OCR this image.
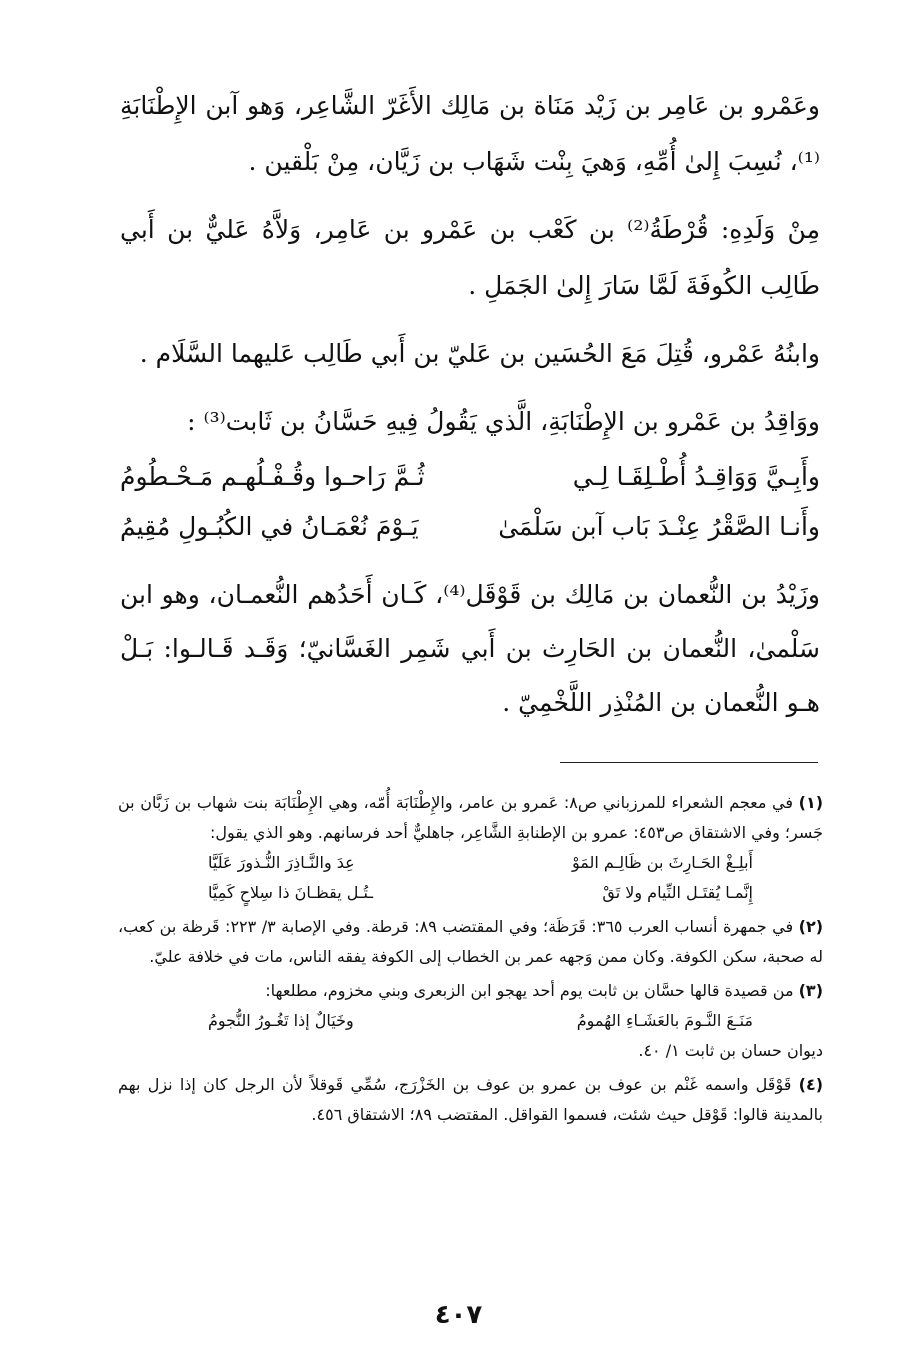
وعَمْرو بن عَامِر بن زَيْد مَنَاة بن مَالِك الأَغَرّ الشَّاعِر، وَهو آبن الإِطْنَابَةِ ⁽¹⁾، نُسِبَ إِلىٰ أُمِّهِ، وَهيَ بِنْت شَهَاب بن زَيَّان، مِنْ بَلْقين .

مِنْ وَلَدِهِ: قُرْطَةُ⁽²⁾ بن كَعْب بن عَمْرو بن عَامِر، وَلاَّهُ عَليٌّ بن أَبي طَالِب الكُوفَةَ لَمَّا سَارَ إِلىٰ الجَمَلِ .

وابنُهُ عَمْرو، قُتِلَ مَعَ الحُسَين بن عَليّ بن أَبي طَالِب عَليهما السَّلَام .

ووَاقِدُ بن عَمْرو بن الإِطْنَابَةِ، الَّذي يَقُولُ فِيهِ حَسَّانُ بن ثَابت⁽³⁾ :

وأَبِـيَّ وَوَاقِـدُ أُطْـلِقَـا لِـي
ثُـمَّ رَاحـوا وقُـفْـلُهـم مَـحْـطُومُ
وأَنـا الصَّقْرُ عِنْـدَ بَاب آبن سَلْمَىٰ
يَـوْمَ نُعْمَـانُ في الكُبُـولِ مُقِيمُ

وزَيْدُ بن النُّعمان بن مَالِك بن قَوْقَل⁽⁴⁾، كَـان أَحَدُهم النُّعمـان، وهو ابن سَلْمىٰ، النُّعمان بن الحَارِث بن أَبي شَمِر الغَسَّانيّ؛ وَقَـد قَـالـوا: بَـلْ هـو النُّعمان بن المُنْذِر اللَّخْمِيّ .

(١) في معجم الشعراء للمرزباني ص٨: عَمرو بن عامر، والإِطْنَابَة أُمّه، وهي الإِطْنَابَة بنت شهاب بن زَبَّان بن جَسر؛ وفي الاشتقاق ص٤٥٣: عمرو بن الإطنابةِ الشَّاعِر، جاهليٌّ أحد فرسانهم. وهو الذي يقول:
أَبلِـغْ الحَـارِثَ بن ظَالِـم المَوْ
عِدَ والنَّـاذِرَ النُّـذورَ عَلَيَّا
إِنَّمـا يُقتَـل النِّيام ولا تَقْ
ـتُـل يقظـانَ ذا سِلاحٍ كَمِيَّا
(٢) في جمهرة أنساب العرب ٣٦٥: قَرَظَة؛ وفي المقتضب ٨٩: قرطة. وفي الإصابة ٣/ ٢٢٣: قَرظة بن كعب، له صحبة، سكن الكوفة. وكان ممن وَجهه عمر بن الخطاب إلى الكوفة يفقه الناس، مات في خلافة عليّ.
(٣) من قصيدة قالها حسَّان بن ثابت يوم أحد يهجو ابن الزبعرى وبني مخزوم، مطلعها:
مَنَـعَ النَّـومَ بالعَشَـاءِ الهُمومُ
وخَيَالٌ إذا تَغُـورُ النُّجومُ
ديوان حسان بن ثابت ١/ ٤٠.
(٤) قَوْقَل واسمه غَنْم بن عوف بن عمرو بن عوف بن الخَزْرَج، سُمِّي قَوقلاً لأن الرجل كان إذا نزل بهم بالمدينة قالوا: قَوْقل حيث شئت، فسموا القواقل. المقتضب ٨٩؛ الاشتقاق ٤٥٦.
٤٠٧
